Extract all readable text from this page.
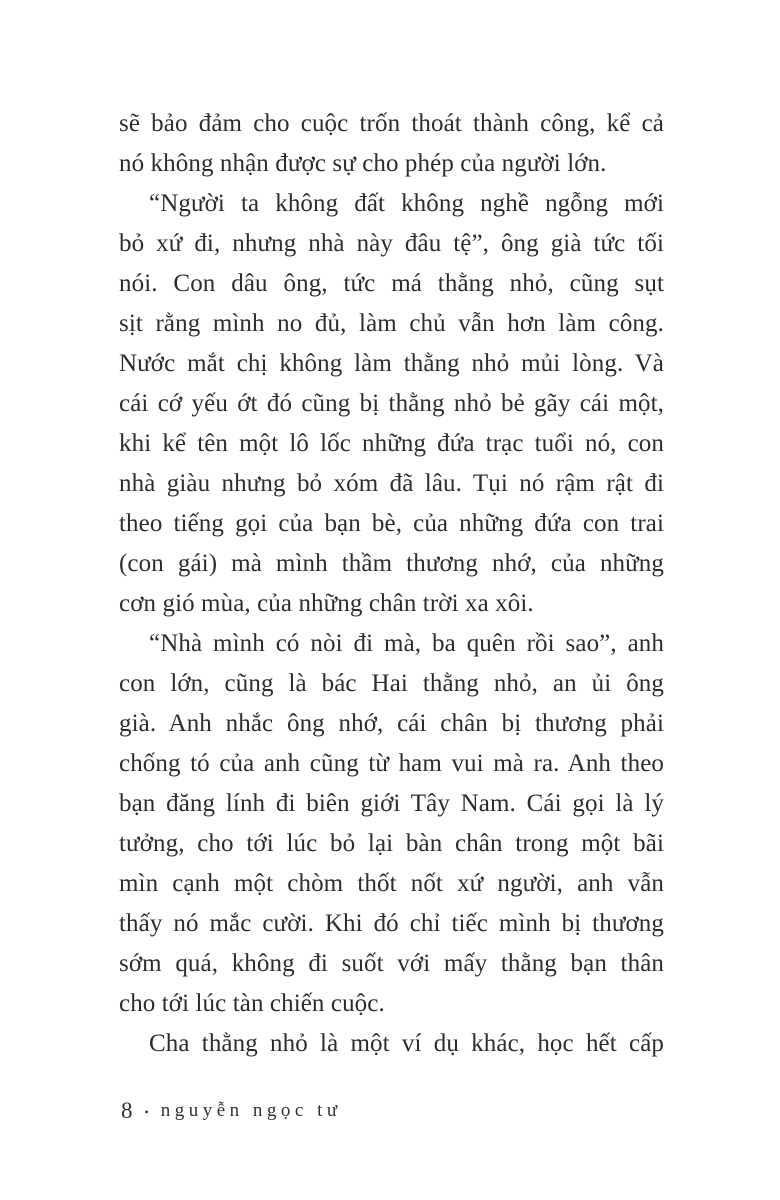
sẽ bảo đảm cho cuộc trốn thoát thành công, kể cả
nó không nhận được sự cho phép của người lớn.
“Người ta không đất không nghề ngỗng mới
bỏ xứ đi, nhưng nhà này đâu tệ”, ông già tức tối
nói. Con dâu ông, tức má thằng nhỏ, cũng sụt
sịt rằng mình no đủ, làm chủ vẫn hơn làm công.
Nước mắt chị không làm thằng nhỏ mủi lòng. Và
cái cớ yếu ớt đó cũng bị thằng nhỏ bẻ gãy cái một,
khi kể tên một lô lốc những đứa trạc tuổi nó, con
nhà giàu nhưng bỏ xóm đã lâu. Tụi nó rậm rật đi
theo tiếng gọi của bạn bè, của những đứa con trai
(con gái) mà mình thầm thương nhớ, của những
cơn gió mùa, của những chân trời xa xôi.
“Nhà mình có nòi đi mà, ba quên rồi sao”, anh
con lớn, cũng là bác Hai thằng nhỏ, an ủi ông
già. Anh nhắc ông nhớ, cái chân bị thương phải
chống tó của anh cũng từ ham vui mà ra. Anh theo
bạn đăng lính đi biên giới Tây Nam. Cái gọi là lý
tưởng, cho tới lúc bỏ lại bàn chân trong một bãi
mìn cạnh một chòm thốt nốt xứ người, anh vẫn
thấy nó mắc cười. Khi đó chỉ tiếc mình bị thương
sớm quá, không đi suốt với mấy thằng bạn thân
cho tới lúc tàn chiến cuộc.
Cha thằng nhỏ là một ví dụ khác, học hết cấp
8 • nguyễn ngọc tư
